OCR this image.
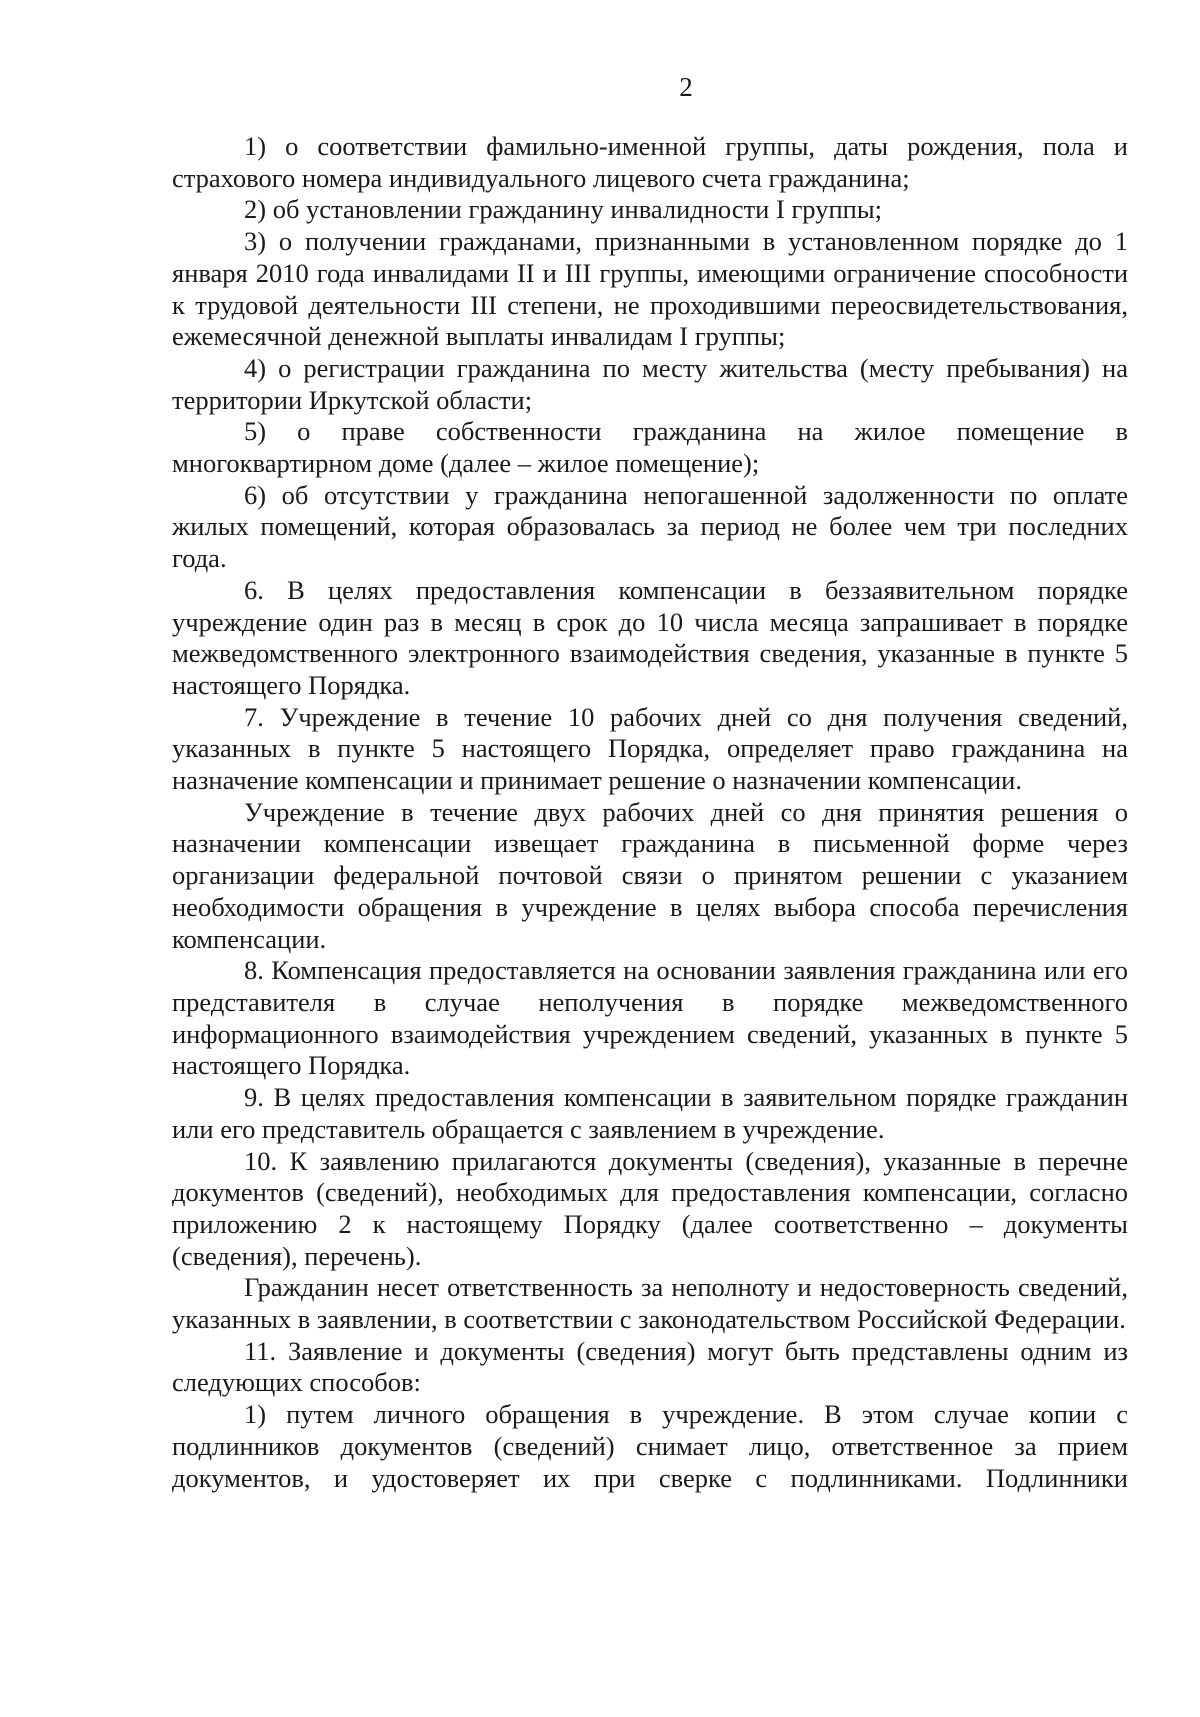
2

1) о соответствии фамильно-именной группы, даты рождения, пола и страхового номера индивидуального лицевого счета гражданина;

2) об установлении гражданину инвалидности I группы;

3) о получении гражданами, признанными в установленном порядке до 1 января 2010 года инвалидами II и III группы, имеющими ограничение способности к трудовой деятельности III степени, не проходившими переосвидетельствования, ежемесячной денежной выплаты инвалидам I группы;

4) о регистрации гражданина по месту жительства (месту пребывания) на территории Иркутской области;

5) о праве собственности гражданина на жилое помещение в многоквартирном доме (далее – жилое помещение);

6) об отсутствии у гражданина непогашенной задолженности по оплате жилых помещений, которая образовалась за период не более чем три последних года.

6. В целях предоставления компенсации в беззаявительном порядке учреждение один раз в месяц в срок до 10 числа месяца запрашивает в порядке межведомственного электронного взаимодействия сведения, указанные в пункте 5 настоящего Порядка.

7. Учреждение в течение 10 рабочих дней со дня получения сведений, указанных в пункте 5 настоящего Порядка, определяет право гражданина на назначение компенсации и принимает решение о назначении компенсации.

Учреждение в течение двух рабочих дней со дня принятия решения о назначении компенсации извещает гражданина в письменной форме через организации федеральной почтовой связи о принятом решении с указанием необходимости обращения в учреждение в целях выбора способа перечисления компенсации.

8. Компенсация предоставляется на основании заявления гражданина или его представителя в случае неполучения в порядке межведомственного информационного взаимодействия учреждением сведений, указанных в пункте 5 настоящего Порядка.

9. В целях предоставления компенсации в заявительном порядке гражданин или его представитель обращается с заявлением в учреждение.

10. К заявлению прилагаются документы (сведения), указанные в перечне документов (сведений), необходимых для предоставления компенсации, согласно приложению 2 к настоящему Порядку (далее соответственно – документы (сведения), перечень).

Гражданин несет ответственность за неполноту и недостоверность сведений, указанных в заявлении, в соответствии с законодательством Российской Федерации.

11. Заявление и документы (сведения) могут быть представлены одним из следующих способов:

1) путем личного обращения в учреждение. В этом случае копии с подлинников документов (сведений) снимает лицо, ответственное за прием документов, и удостоверяет их при сверке с подлинниками. Подлинники
